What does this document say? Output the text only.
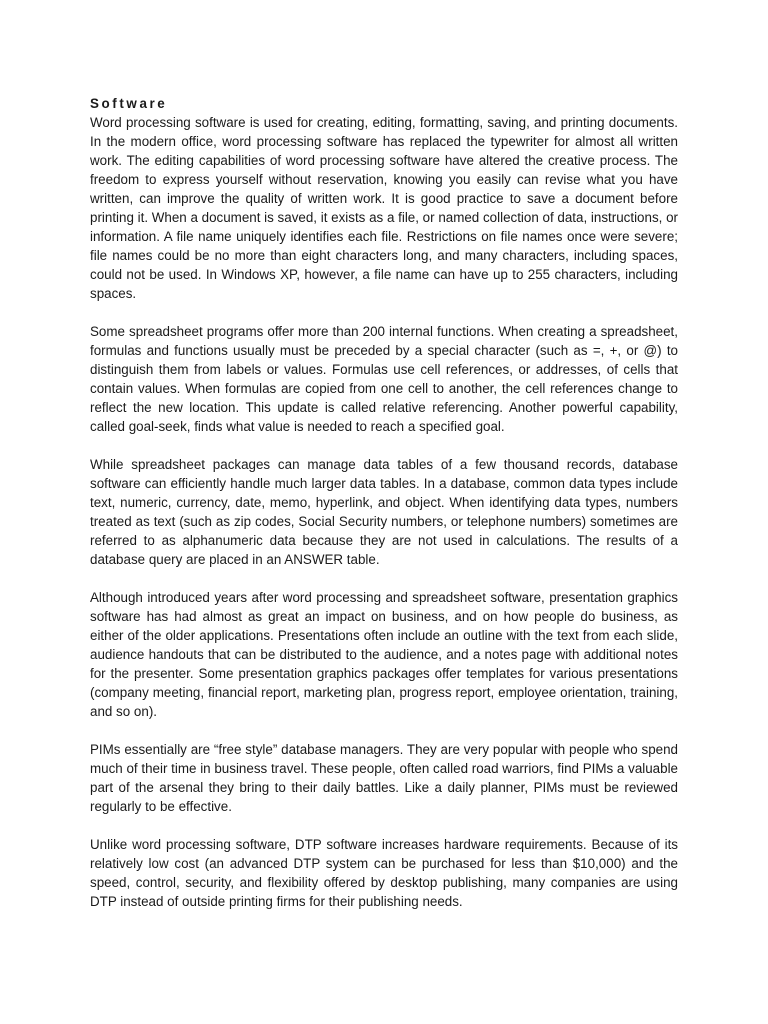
Software

Word processing software is used for creating, editing, formatting, saving, and printing documents. In the modern office, word processing software has replaced the typewriter for almost all written work. The editing capabilities of word processing software have altered the creative process. The freedom to express yourself without reservation, knowing you easily can revise what you have written, can improve the quality of written work. It is good practice to save a document before printing it. When a document is saved, it exists as a file, or named collection of data, instructions, or information. A file name uniquely identifies each file. Restrictions on file names once were severe; file names could be no more than eight characters long, and many characters, including spaces, could not be used. In Windows XP, however, a file name can have up to 255 characters, including spaces.

Some spreadsheet programs offer more than 200 internal functions. When creating a spreadsheet, formulas and functions usually must be preceded by a special character (such as =, +, or @) to distinguish them from labels or values. Formulas use cell references, or addresses, of cells that contain values. When formulas are copied from one cell to another, the cell references change to reflect the new location. This update is called relative referencing. Another powerful capability, called goal-seek, finds what value is needed to reach a specified goal.

While spreadsheet packages can manage data tables of a few thousand records, database software can efficiently handle much larger data tables. In a database, common data types include text, numeric, currency, date, memo, hyperlink, and object. When identifying data types, numbers treated as text (such as zip codes, Social Security numbers, or telephone numbers) sometimes are referred to as alphanumeric data because they are not used in calculations. The results of a database query are placed in an ANSWER table.

Although introduced years after word processing and spreadsheet software, presentation graphics software has had almost as great an impact on business, and on how people do business, as either of the older applications. Presentations often include an outline with the text from each slide, audience handouts that can be distributed to the audience, and a notes page with additional notes for the presenter. Some presentation graphics packages offer templates for various presentations (company meeting, financial report, marketing plan, progress report, employee orientation, training, and so on).

PIMs essentially are “free style” database managers. They are very popular with people who spend much of their time in business travel. These people, often called road warriors, find PIMs a valuable part of the arsenal they bring to their daily battles. Like a daily planner, PIMs must be reviewed regularly to be effective.

Unlike word processing software, DTP software increases hardware requirements. Because of its relatively low cost (an advanced DTP system can be purchased for less than $10,000) and the speed, control, security, and flexibility offered by desktop publishing, many companies are using DTP instead of outside printing firms for their publishing needs.
